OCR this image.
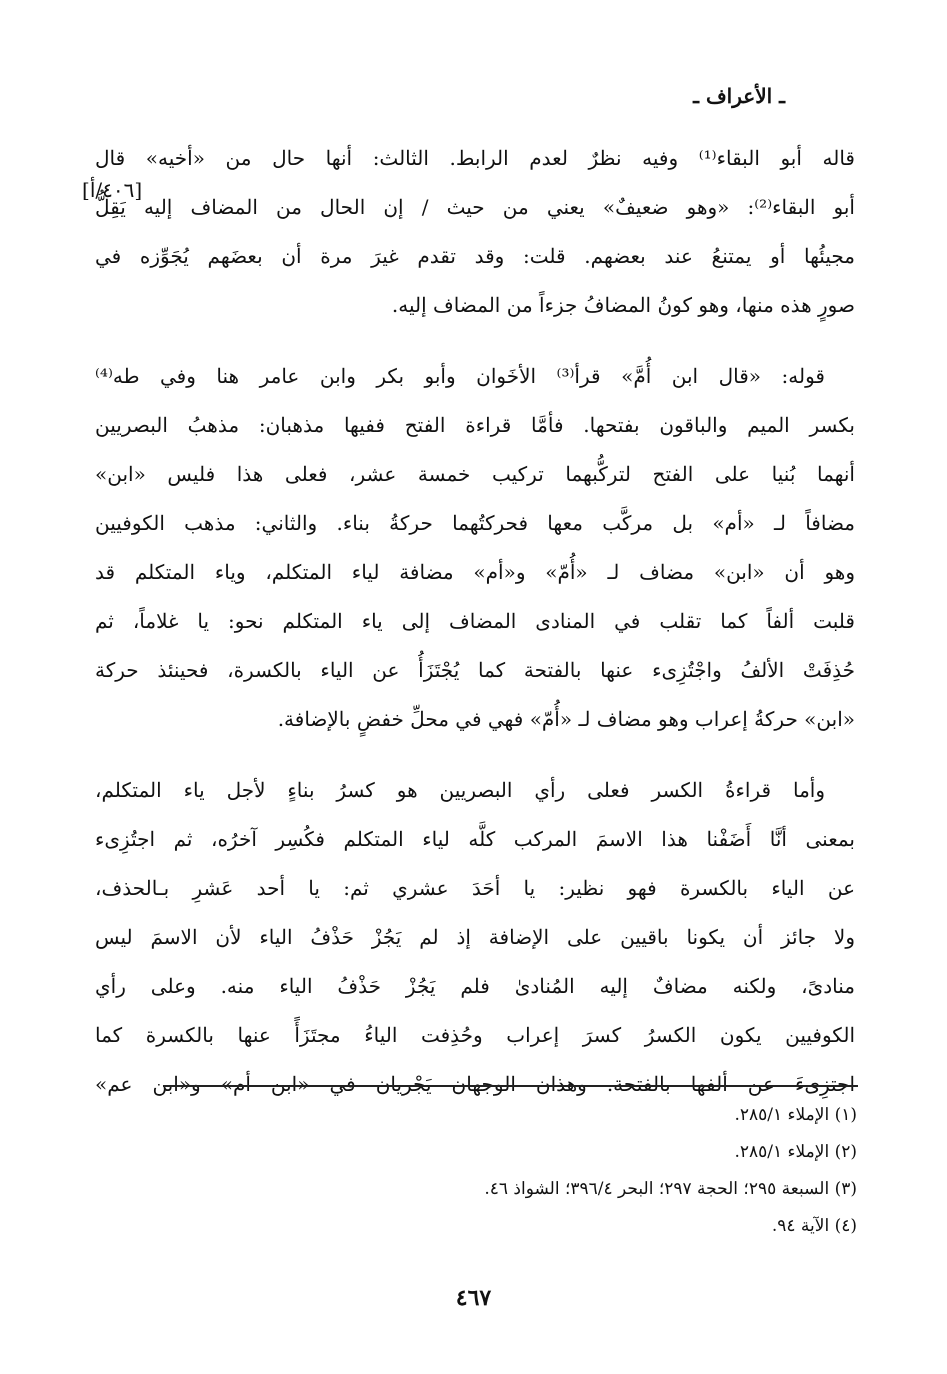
ـ الأعراف ـ
[٤٠٦/أ]
قاله أبو البقاء⁽¹⁾ وفيه نظرٌ لعدم الرابط. الثالث: أنها حال من «أخيه» قال
أبو البقاء⁽²⁾: «وهو ضعيفٌ» يعني من حيث / إن الحال من المضاف إليه يَقِلُّ
مجيئُها أو يمتنعُ عند بعضهم. قلت: وقد تقدم غيرَ مرة أن بعضَهم يُجَوِّزه في
صورٍ هذه منها، وهو كونُ المضافُ جزءاً من المضاف إليه.
قوله: «قال ابن أُمَّ» قرأ⁽³⁾ الأخَوان وأبو بكر وابن عامر هنا وفي طه⁽⁴⁾
بكسر الميم والباقون بفتحها. فأمَّا قراءة الفتح ففيها مذهبان: مذهبُ البصريين
أنهما بُنيا على الفتح لتركُّبهما تركيب خمسة عشر، فعلى هذا فليس «ابن»
مضافاً لـ «أم» بل مركَّب معها فحركتُهما حركةُ بناء. والثاني: مذهب الكوفيين
وهو أن «ابن» مضاف لـ «أُمّ» و«أم» مضافة لياء المتكلم، وياء المتكلم قد
قلبت ألفاً كما تقلب في المنادى المضاف إلى ياء المتكلم نحو: يا غلاماً، ثم
حُذِفَتْ الألفُ واجْتُزِىء عنها بالفتحة كما يُجْتَزَأُ عن الياء بالكسرة، فحينئذ حركة
«ابن» حركةُ إعراب وهو مضاف لـ «أُمّ» فهي في محلِّ خفضٍ بالإضافة.
وأما قراءةُ الكسر فعلى رأي البصريين هو كسرُ بناءٍ لأجل ياء المتكلم،
بمعنى أنَّا أَضَفْنا هذا الاسمَ المركب كلَّه لياء المتكلم فكُسِر آخرُه، ثم اجتُزِىء
عن الياء بالكسرة فهو نظير: يا أحَدَ عشري ثم: يا أحد عَشرِ بـالحذف،
ولا جائز أن يكونا باقيين على الإضافة إذ لم يَجُزْ حَذْفُ الياء لأن الاسمَ ليس
منادىً، ولكنه مضافٌ إليه المُنادىٰ فلم يَجُزْ حَذْفُ الياء منه. وعلى رأي
الكوفيين يكون الكسرُ كسرَ إعراب وحُذِفت الياءُ مجتَزَأً عنها بالكسرة كما
اجتزِىءَ عن ألفها بالفتحة. وهذان الوجهان يَجْريان في «ابن أم» و«ابن عم»
(١) الإملاء ٢٨٥/١.
(٢) الإملاء ٢٨٥/١.
(٣) السبعة ٢٩٥؛ الحجة ٢٩٧؛ البحر ٣٩٦/٤؛ الشواذ ٤٦.
(٤) الآية ٩٤.
٤٦٧
